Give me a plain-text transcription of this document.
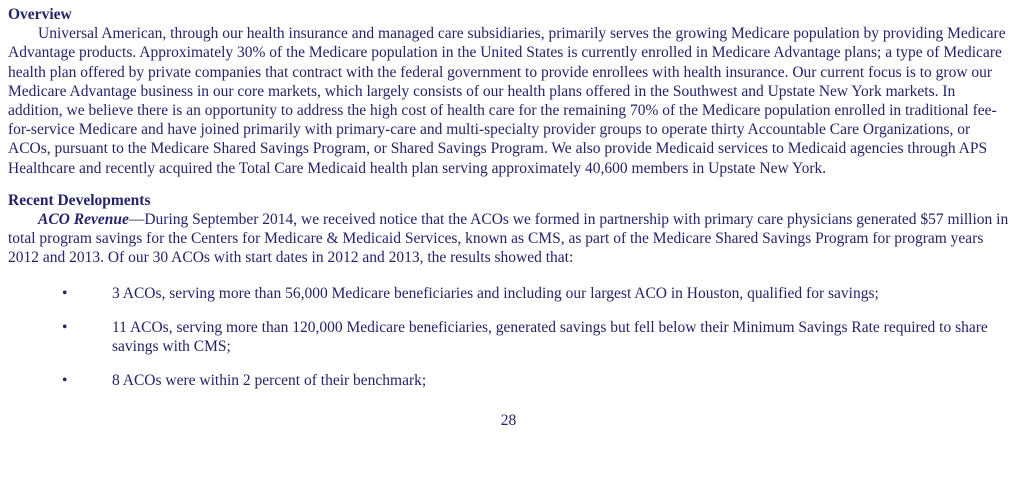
Overview

Universal American, through our health insurance and managed care subsidiaries, primarily serves the growing Medicare population by providing Medicare Advantage products. Approximately 30% of the Medicare population in the United States is currently enrolled in Medicare Advantage plans; a type of Medicare health plan offered by private companies that contract with the federal government to provide enrollees with health insurance. Our current focus is to grow our Medicare Advantage business in our core markets, which largely consists of our health plans offered in the Southwest and Upstate New York markets. In addition, we believe there is an opportunity to address the high cost of health care for the remaining 70% of the Medicare population enrolled in traditional fee- for-service Medicare and have joined primarily with primary-care and multi-specialty provider groups to operate thirty Accountable Care Organizations, or ACOs, pursuant to the Medicare Shared Savings Program, or Shared Savings Program. We also provide Medicaid services to Medicaid agencies through APS Healthcare and recently acquired the Total Care Medicaid health plan serving approximately 40,600 members in Upstate New York.

Recent Developments

ACO Revenue—During September 2014, we received notice that the ACOs we formed in partnership with primary care physicians generated $57 million in total program savings for the Centers for Medicare & Medicaid Services, known as CMS, as part of the Medicare Shared Savings Program for program years 2012 and 2013. Of our 30 ACOs with start dates in 2012 and 2013, the results showed that:

•	3 ACOs, serving more than 56,000 Medicare beneficiaries and including our largest ACO in Houston, qualified for savings;
•	11 ACOs, serving more than 120,000 Medicare beneficiaries, generated savings but fell below their Minimum Savings Rate required to share savings with CMS;
•	8 ACOs were within 2 percent of their benchmark;
28
